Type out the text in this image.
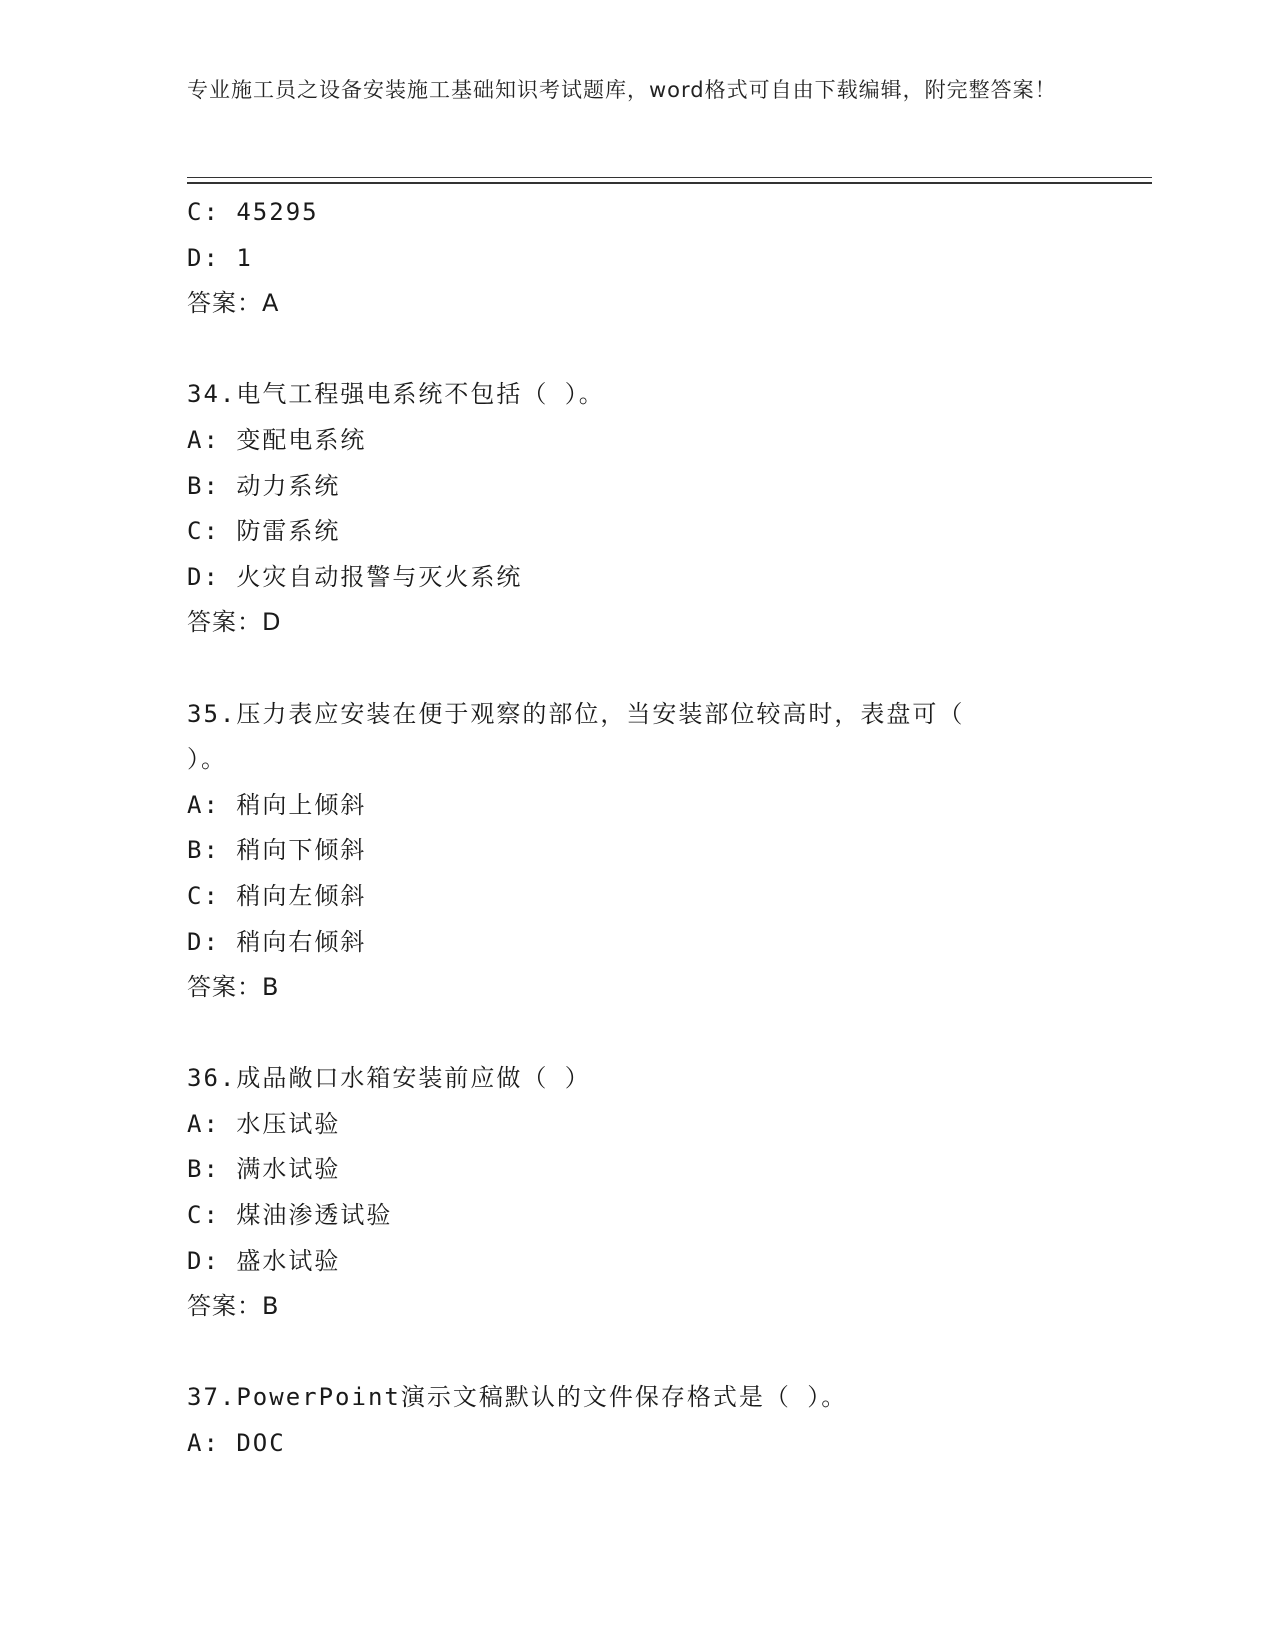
专业施工员之设备安装施工基础知识考试题库，word格式可自由下载编辑，附完整答案！
C: 45295
D: 1
答案：A
34.电气工程强电系统不包括（ ）。
A: 变配电系统
B: 动力系统
C: 防雷系统
D: 火灾自动报警与灭火系统
答案：D
35.压力表应安装在便于观察的部位，当安装部位较高时，表盘可（ ）。
A: 稍向上倾斜
B: 稍向下倾斜
C: 稍向左倾斜
D: 稍向右倾斜
答案：B
36.成品敞口水箱安装前应做（ ）
A: 水压试验
B: 满水试验
C: 煤油渗透试验
D: 盛水试验
答案：B
37.PowerPoint演示文稿默认的文件保存格式是（ ）。
A: DOC
